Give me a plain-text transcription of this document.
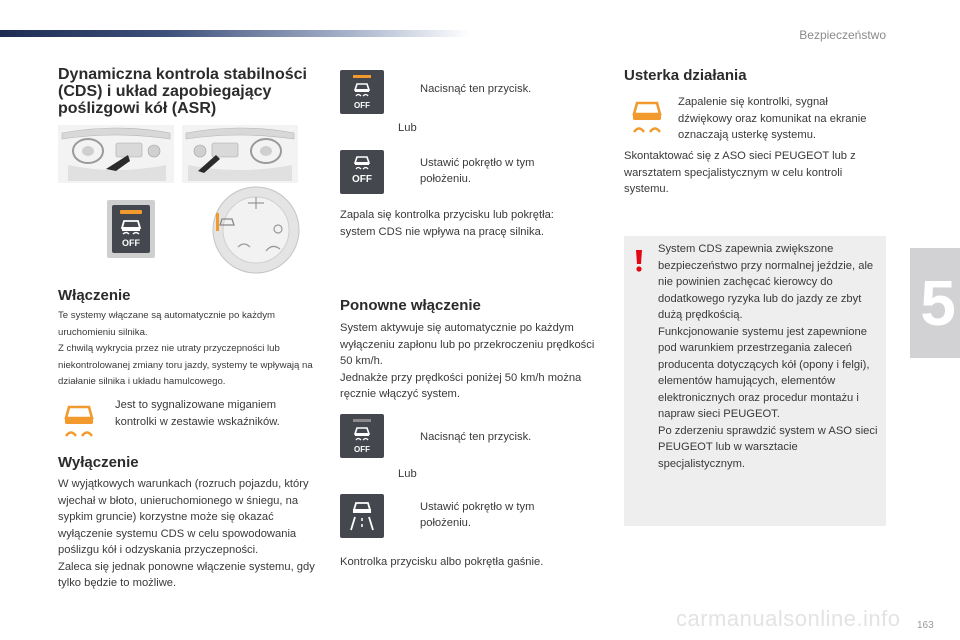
Bezpieczeństwo
5
Dynamiczna kontrola stabilności (CDS) i układ zapobiegający poślizgowi kół (ASR)
OFF
Włączenie

Te systemy włączane są automatycznie po każdym uruchomieniu silnika.
Z chwilą wykrycia przez nie utraty przyczepności lub niekontrolowanej zmiany toru jazdy, systemy te wpływają na działanie silnika i układu hamulcowego.

Jest to sygnalizowane miganiem kontrolki w zestawie wskaźników.

Wyłączenie

W wyjątkowych warunkach (rozruch pojazdu, który wjechał w błoto, unieruchomionego w śniegu, na sypkim gruncie) korzystne może się okazać wyłączenie systemu CDS w celu spowodowania poślizgu kół i odzyskania przyczepności.
Zaleca się jednak ponowne włączenie systemu, gdy tylko będzie to możliwe.

OFF
Nacisnąć ten przycisk.
Lub
OFF
Ustawić pokrętło w tym położeniu.

Zapala się kontrolka przycisku lub pokrętła: system CDS nie wpływa na pracę silnika.

Ponowne włączenie

System aktywuje się automatycznie po każdym wyłączeniu zapłonu lub po przekroczeniu prędkości 50 km/h.
Jednakże przy prędkości poniżej 50 km/h można ręcznie włączyć system.

OFF
Nacisnąć ten przycisk.
Lub
Ustawić pokrętło w tym położeniu.

Kontrolka przycisku albo pokrętła gaśnie.

Usterka działania

Zapalenie się kontrolki, sygnał dźwiękowy oraz komunikat na ekranie oznaczają usterkę systemu.

Skontaktować się z ASO sieci PEUGEOT lub z warsztatem specjalistycznym w celu kontroli systemu.

System CDS zapewnia zwiększone bezpieczeństwo przy normalnej jeździe, ale nie powinien zachęcać kierowcy do dodatkowego ryzyka lub do jazdy ze zbyt dużą prędkością.
Funkcjonowanie systemu jest zapewnione pod warunkiem przestrzegania zaleceń producenta dotyczących kół (opony i felgi), elementów hamujących, elementów elektronicznych oraz procedur montażu i napraw sieci PEUGEOT.
Po zderzeniu sprawdzić system w ASO sieci PEUGEOT lub w warsztacie specjalistycznym.

carmanualsonline.info 163
